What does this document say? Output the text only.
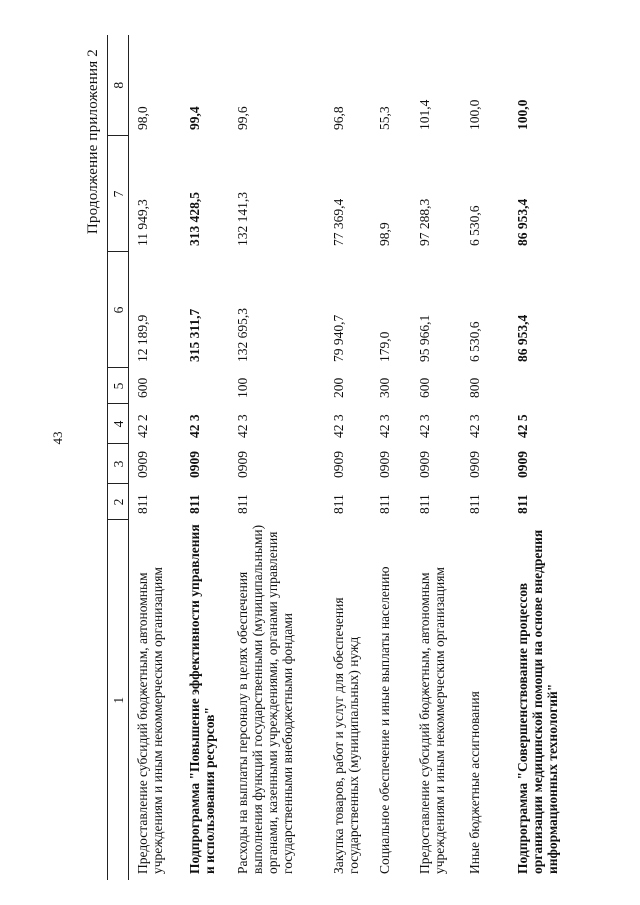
43
Продолжение приложения 2
1	2	3	4	5	6	7	8
Предоставление субсидий бюджетным, автономным учреждениям и иным некоммерческим организациям	811	0909	42 2	600	12 189,9	11 949,3	98,0
Подпрограмма "Повышение эффективности управления и использования ресурсов"	811	0909	42 3		315 311,7	313 428,5	99,4
Расходы на выплаты персоналу в целях обеспечения выполнения функций государственными (муниципальными) органами, казенными учреждениями, органами управления государственными внебюджетными фондами	811	0909	42 3	100	132 695,3	132 141,3	99,6
Закупка товаров, работ и услуг для обеспечения государственных (муниципальных) нужд	811	0909	42 3	200	79 940,7	77 369,4	96,8
Социальное обеспечение и иные выплаты населению	811	0909	42 3	300	179,0	98,9	55,3
Предоставление субсидий бюджетным, автономным учреждениям и иным некоммерческим организациям	811	0909	42 3	600	95 966,1	97 288,3	101,4
Иные бюджетные ассигнования	811	0909	42 3	800	6 530,6	6 530,6	100,0
Подпрограмма "Совершенствование процессов организации медицинской помощи на основе внедрения информационных технологий"	811	0909	42 5		86 953,4	86 953,4	100,0
